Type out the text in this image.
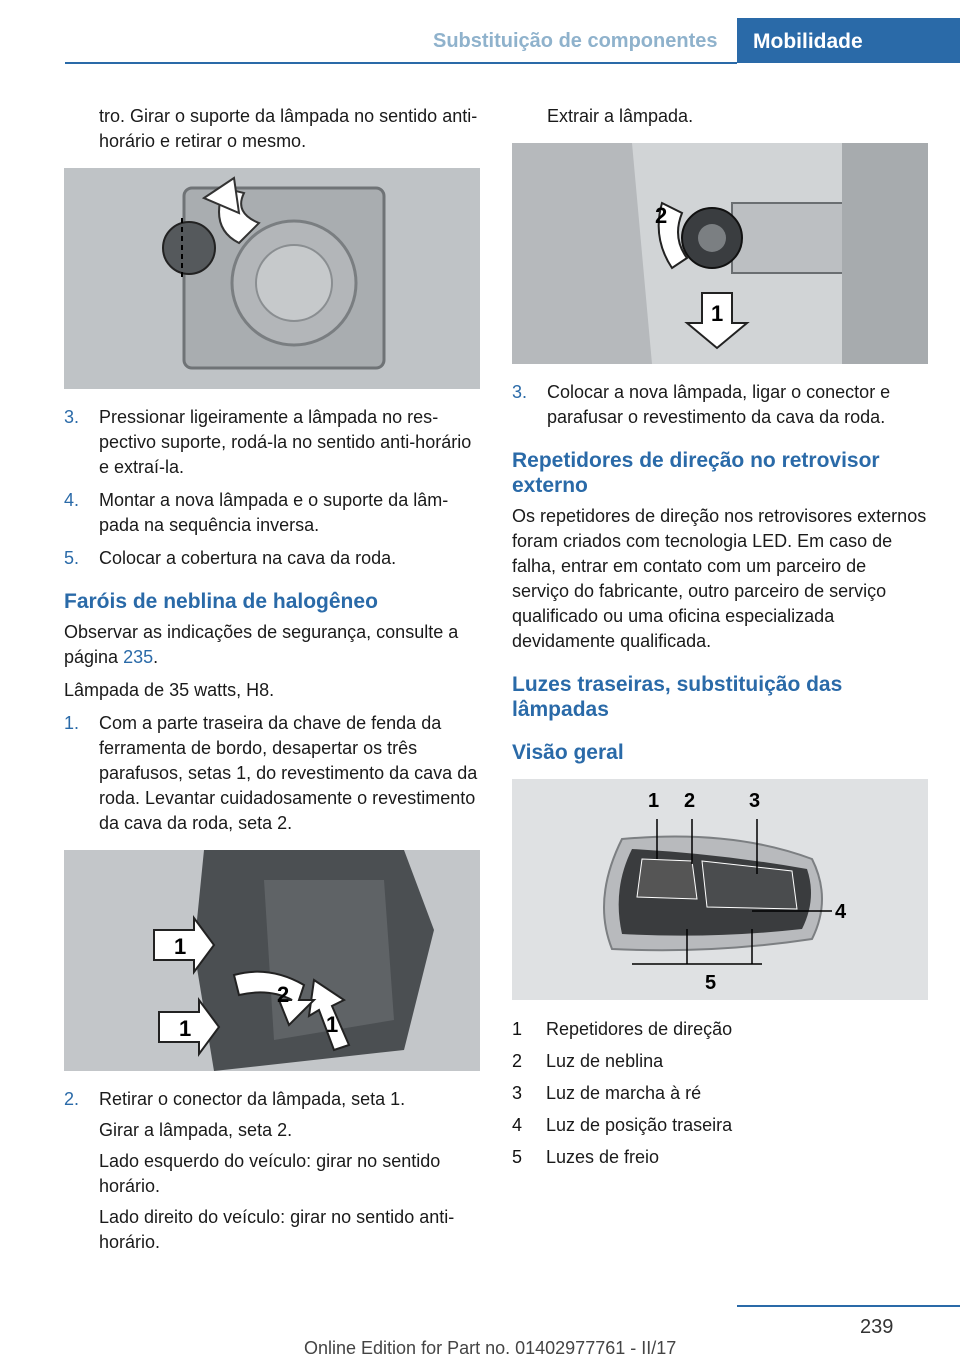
Substituição de componentes	Mobilidade

tro. Girar o suporte da lâmpada no sentido anti-horário e retirar o mesmo.

3. Pressionar ligeiramente a lâmpada no respectivo suporte, rodá-la no sentido anti-horário e extraí-la.
4. Montar a nova lâmpada e o suporte da lâmpada na sequência inversa.
5. Colocar a cobertura na cava da roda.
Faróis de neblina de halogêneo

Observar as indicações de segurança, consulte a página 235.

Lâmpada de 35 watts, H8.

1. Com a parte traseira da chave de fenda da ferramenta de bordo, desapertar os três parafusos, setas 1, do revestimento da cava da roda. Levantar cuidadosamente o revestimento da cava da roda, seta 2.
1
2
1	1
2. Retirar o conector da lâmpada, seta 1.
Girar a lâmpada, seta 2.
Lado esquerdo do veículo: girar no sentido horário.
Lado direito do veículo: girar no sentido anti-horário.

Extrair a lâmpada.

2
1
3. Colocar a nova lâmpada, ligar o conector e parafusar o revestimento da cava da roda.
Repetidores de direção no retrovisor externo

Os repetidores de direção nos retrovisores externos foram criados com tecnologia LED. Em caso de falha, entrar em contato com um parceiro de serviço do fabricante, outro parceiro de serviço qualificado ou uma oficina especializada devidamente qualificada.

Luzes traseiras, substituição das lâmpadas
Visão geral
1 2	3
4
5
1	Repetidores de direção
2	Luz de neblina
3	Luz de marcha à ré
4	Luz de posição traseira
5	Luzes de freio
239
Online Edition for Part no. 01402977761 - II/17
